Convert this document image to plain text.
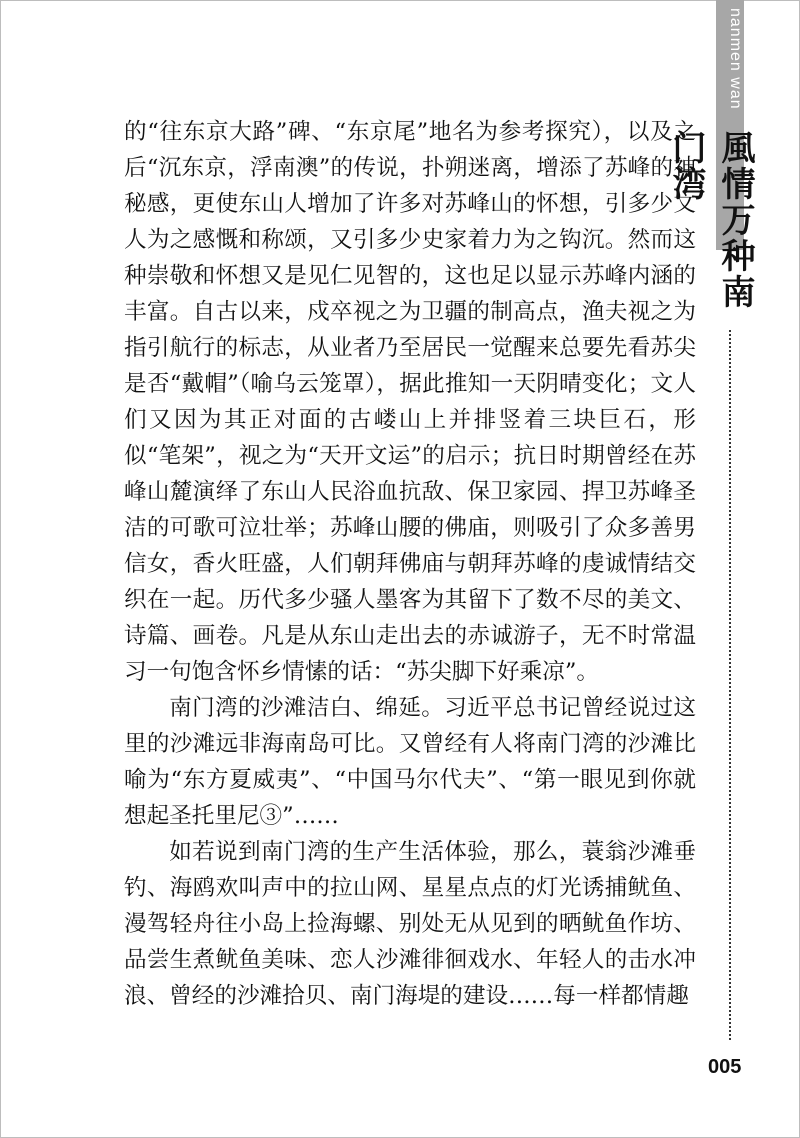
nanmen wan
風情万种南门湾

的“往东京大路”碑、“东京尾”地名为参考探究），以及之后“沉东京，浮南澳”的传说，扑朔迷离，增添了苏峰的神秘感，更使东山人增加了许多对苏峰山的怀想，引多少文人为之感慨和称颂，又引多少史家着力为之钩沉。然而这种崇敬和怀想又是见仁见智的，这也足以显示苏峰内涵的丰富。自古以来，戍卒视之为卫疆的制高点，渔夫视之为指引航行的标志，从业者乃至居民一觉醒来总要先看苏尖是否“戴帽”（喻乌云笼罩），据此推知一天阴晴变化；文人们又因为其正对面的古嵝山上并排竖着三块巨石，形似“笔架”，视之为“天开文运”的启示；抗日时期曾经在苏峰山麓演绎了东山人民浴血抗敌、保卫家园、捍卫苏峰圣洁的可歌可泣壮举；苏峰山腰的佛庙，则吸引了众多善男信女，香火旺盛，人们朝拜佛庙与朝拜苏峰的虔诚情结交织在一起。历代多少骚人墨客为其留下了数不尽的美文、诗篇、画卷。凡是从东山走出去的赤诚游子，无不时常温习一句饱含怀乡情愫的话：“苏尖脚下好乘凉”。

南门湾的沙滩洁白、绵延。习近平总书记曾经说过这里的沙滩远非海南岛可比。又曾经有人将南门湾的沙滩比喻为“东方夏威夷”、“中国马尔代夫”、“第一眼见到你就想起圣托里尼③”……

如若说到南门湾的生产生活体验，那么，蓑翁沙滩垂钓、海鸥欢叫声中的拉山网、星星点点的灯光诱捕鱿鱼、漫驾轻舟往小岛上捡海螺、别处无从见到的晒鱿鱼作坊、品尝生煮鱿鱼美味、恋人沙滩徘徊戏水、年轻人的击水冲浪、曾经的沙滩拾贝、南门海堤的建设……每一样都情趣

005
